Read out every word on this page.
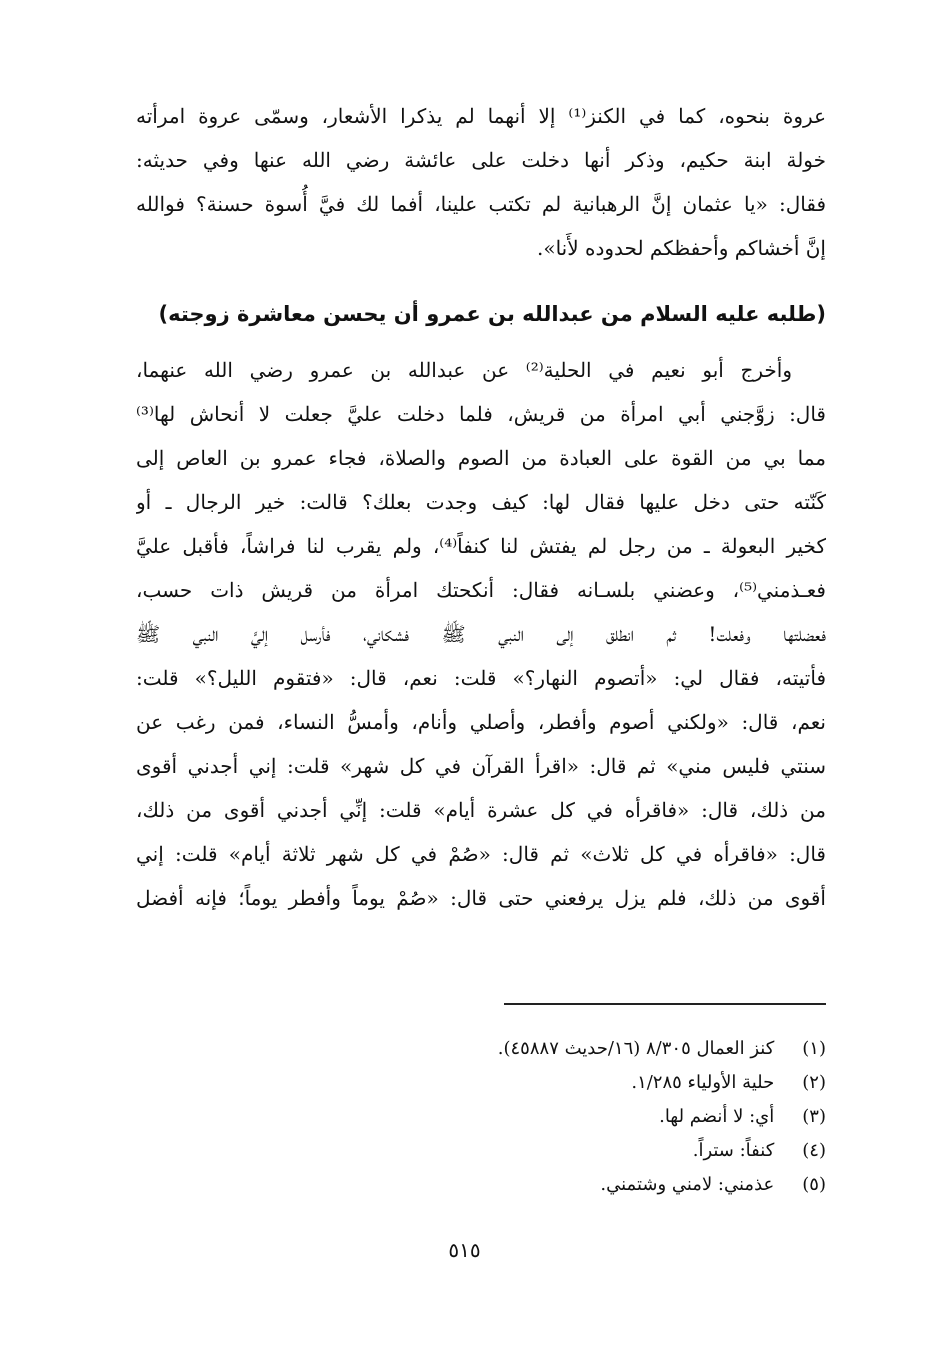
عروة بنحوه، كما في الكنز⁽¹⁾ إلا أنهما لم يذكرا الأشعار، وسمّى عروة امرأته
خولة ابنة حكيم، وذكر أنها دخلت على عائشة رضي الله عنها وفي حديثه:
فقال: «يا عثمان إنَّ الرهبانية لم تكتب علينا، أفما لك فيَّ أُسوة حسنة؟ فوالله
إنَّ أخشاكم وأحفظكم لحدوده لأَنا».
(طلبه عليه السلام من عبدالله بن عمرو أن يحسن معاشرة زوجته)
وأخرج أبو نعيم في الحلية⁽²⁾ عن عبدالله بن عمرو رضي الله عنهما،
قال: زوَّجني أبي امرأة من قريش، فلما دخلت عليَّ جعلت لا أنحاش لها⁽³⁾
مما بي من القوة على العبادة من الصوم والصلاة، فجاء عمرو بن العاص إلى
كَنّته حتى دخل عليها فقال لها: كيف وجدت بعلك؟ قالت: خير الرجال ـ أو
كخير البعولة ـ من رجل لم يفتش لنا كنفاً⁽⁴⁾، ولم يقرب لنا فراشاً، فأقبل عليَّ
فعـذمني⁽⁵⁾، وعضني بلسـانه فقال: أنكحتك امرأة من قريش ذات حسب،
فعضلتها وفعلت! ثم انطلق إلى النبي ﷺ فشكاني، فأرسل إليَّ النبي ﷺ
فأتيته، فقال لي: «أتصوم النهار؟» قلت: نعم، قال: «فتقوم الليل؟» قلت:
نعم، قال: «ولكني أصوم وأفطر، وأصلي وأنام، وأمسُّ النساء، فمن رغب عن
سنتي فليس مني» ثم قال: «اقرأ القرآن في كل شهر» قلت: إني أجدني أقوى
من ذلك، قال: «فاقرأه في كل عشرة أيام» قلت: إنِّي أجدني أقوى من ذلك،
قال: «فاقرأه في كل ثلاث» ثم قال: «صُمْ في كل شهر ثلاثة أيام» قلت: إني
أقوى من ذلك، فلم يزل يرفعني حتى قال: «صُمْ يوماً وأفطر يوماً؛ فإنه أفضل
(١) كنز العمال ٨/٣٠٥ (١٦/حديث ٤٥٨٨٧).
(٢) حلية الأولياء ١/٢٨٥.
(٣) أي: لا أنضم لها.
(٤) كنفاً: ستراً.
(٥) عذمني: لامني وشتمني.
٥١٥
